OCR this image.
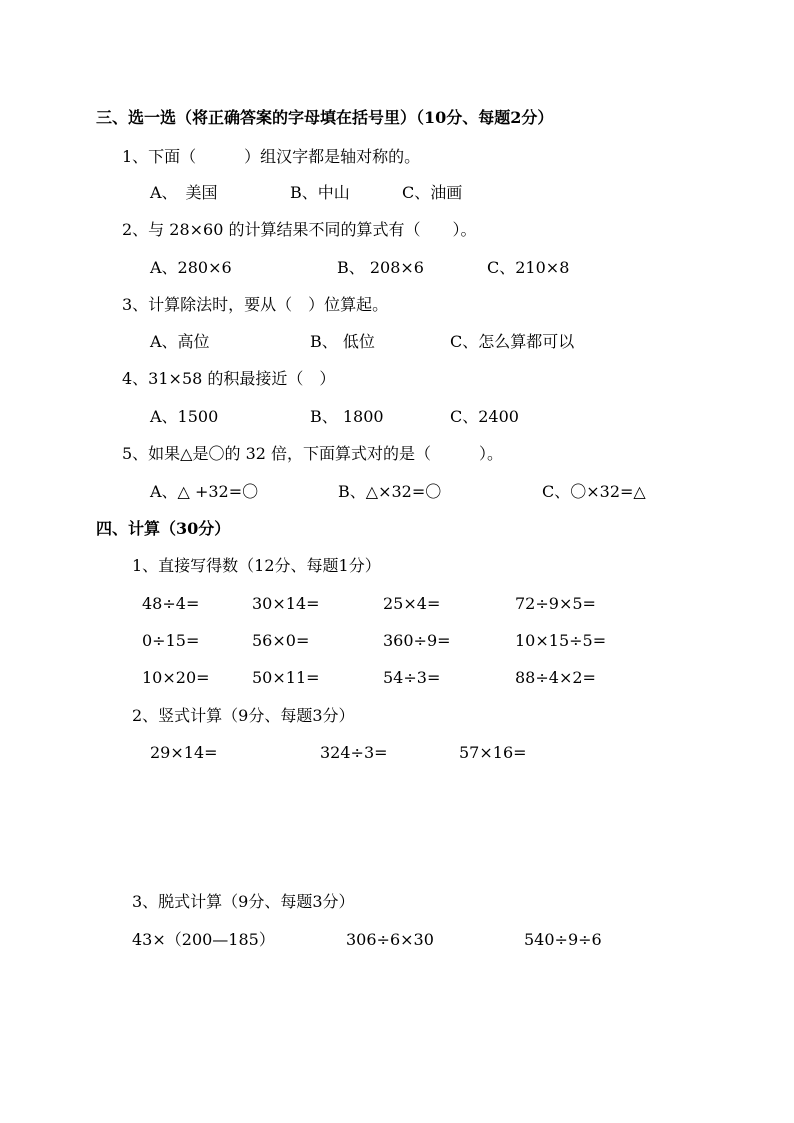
三、选一选（将正确答案的字母填在括号里）（10分、每题2分）
1、下面（　　　）组汉字都是轴对称的。
A、　美国	B、中山	C、油画
2、与 28×60 的计算结果不同的算式有（　　）。
A、280×6	B、 208×6	C、210×8
3、计算除法时，要从（　）位算起。
A、高位	B、 低位	C、怎么算都可以
4、31×58 的积最接近（　）
A、1500	B、 1800	C、2400
5、如果△是〇的 32 倍，下面算式对的是（　　　）。
A、△ +32=〇	B、△×32=〇	C、〇×32=△
四、计算（30分）
1、直接写得数（12分、每题1分）
48÷4=	30×14=	25×4=	72÷9×5=
0÷15=	56×0=	360÷9=	10×15÷5=
10×20=	50×11=	54÷3=	88÷4×2=
2、竖式计算（9分、每题3分）
29×14=	324÷3=	57×16=
3、脱式计算（9分、每题3分）
43×（200—185）	306÷6×30	540÷9÷6
